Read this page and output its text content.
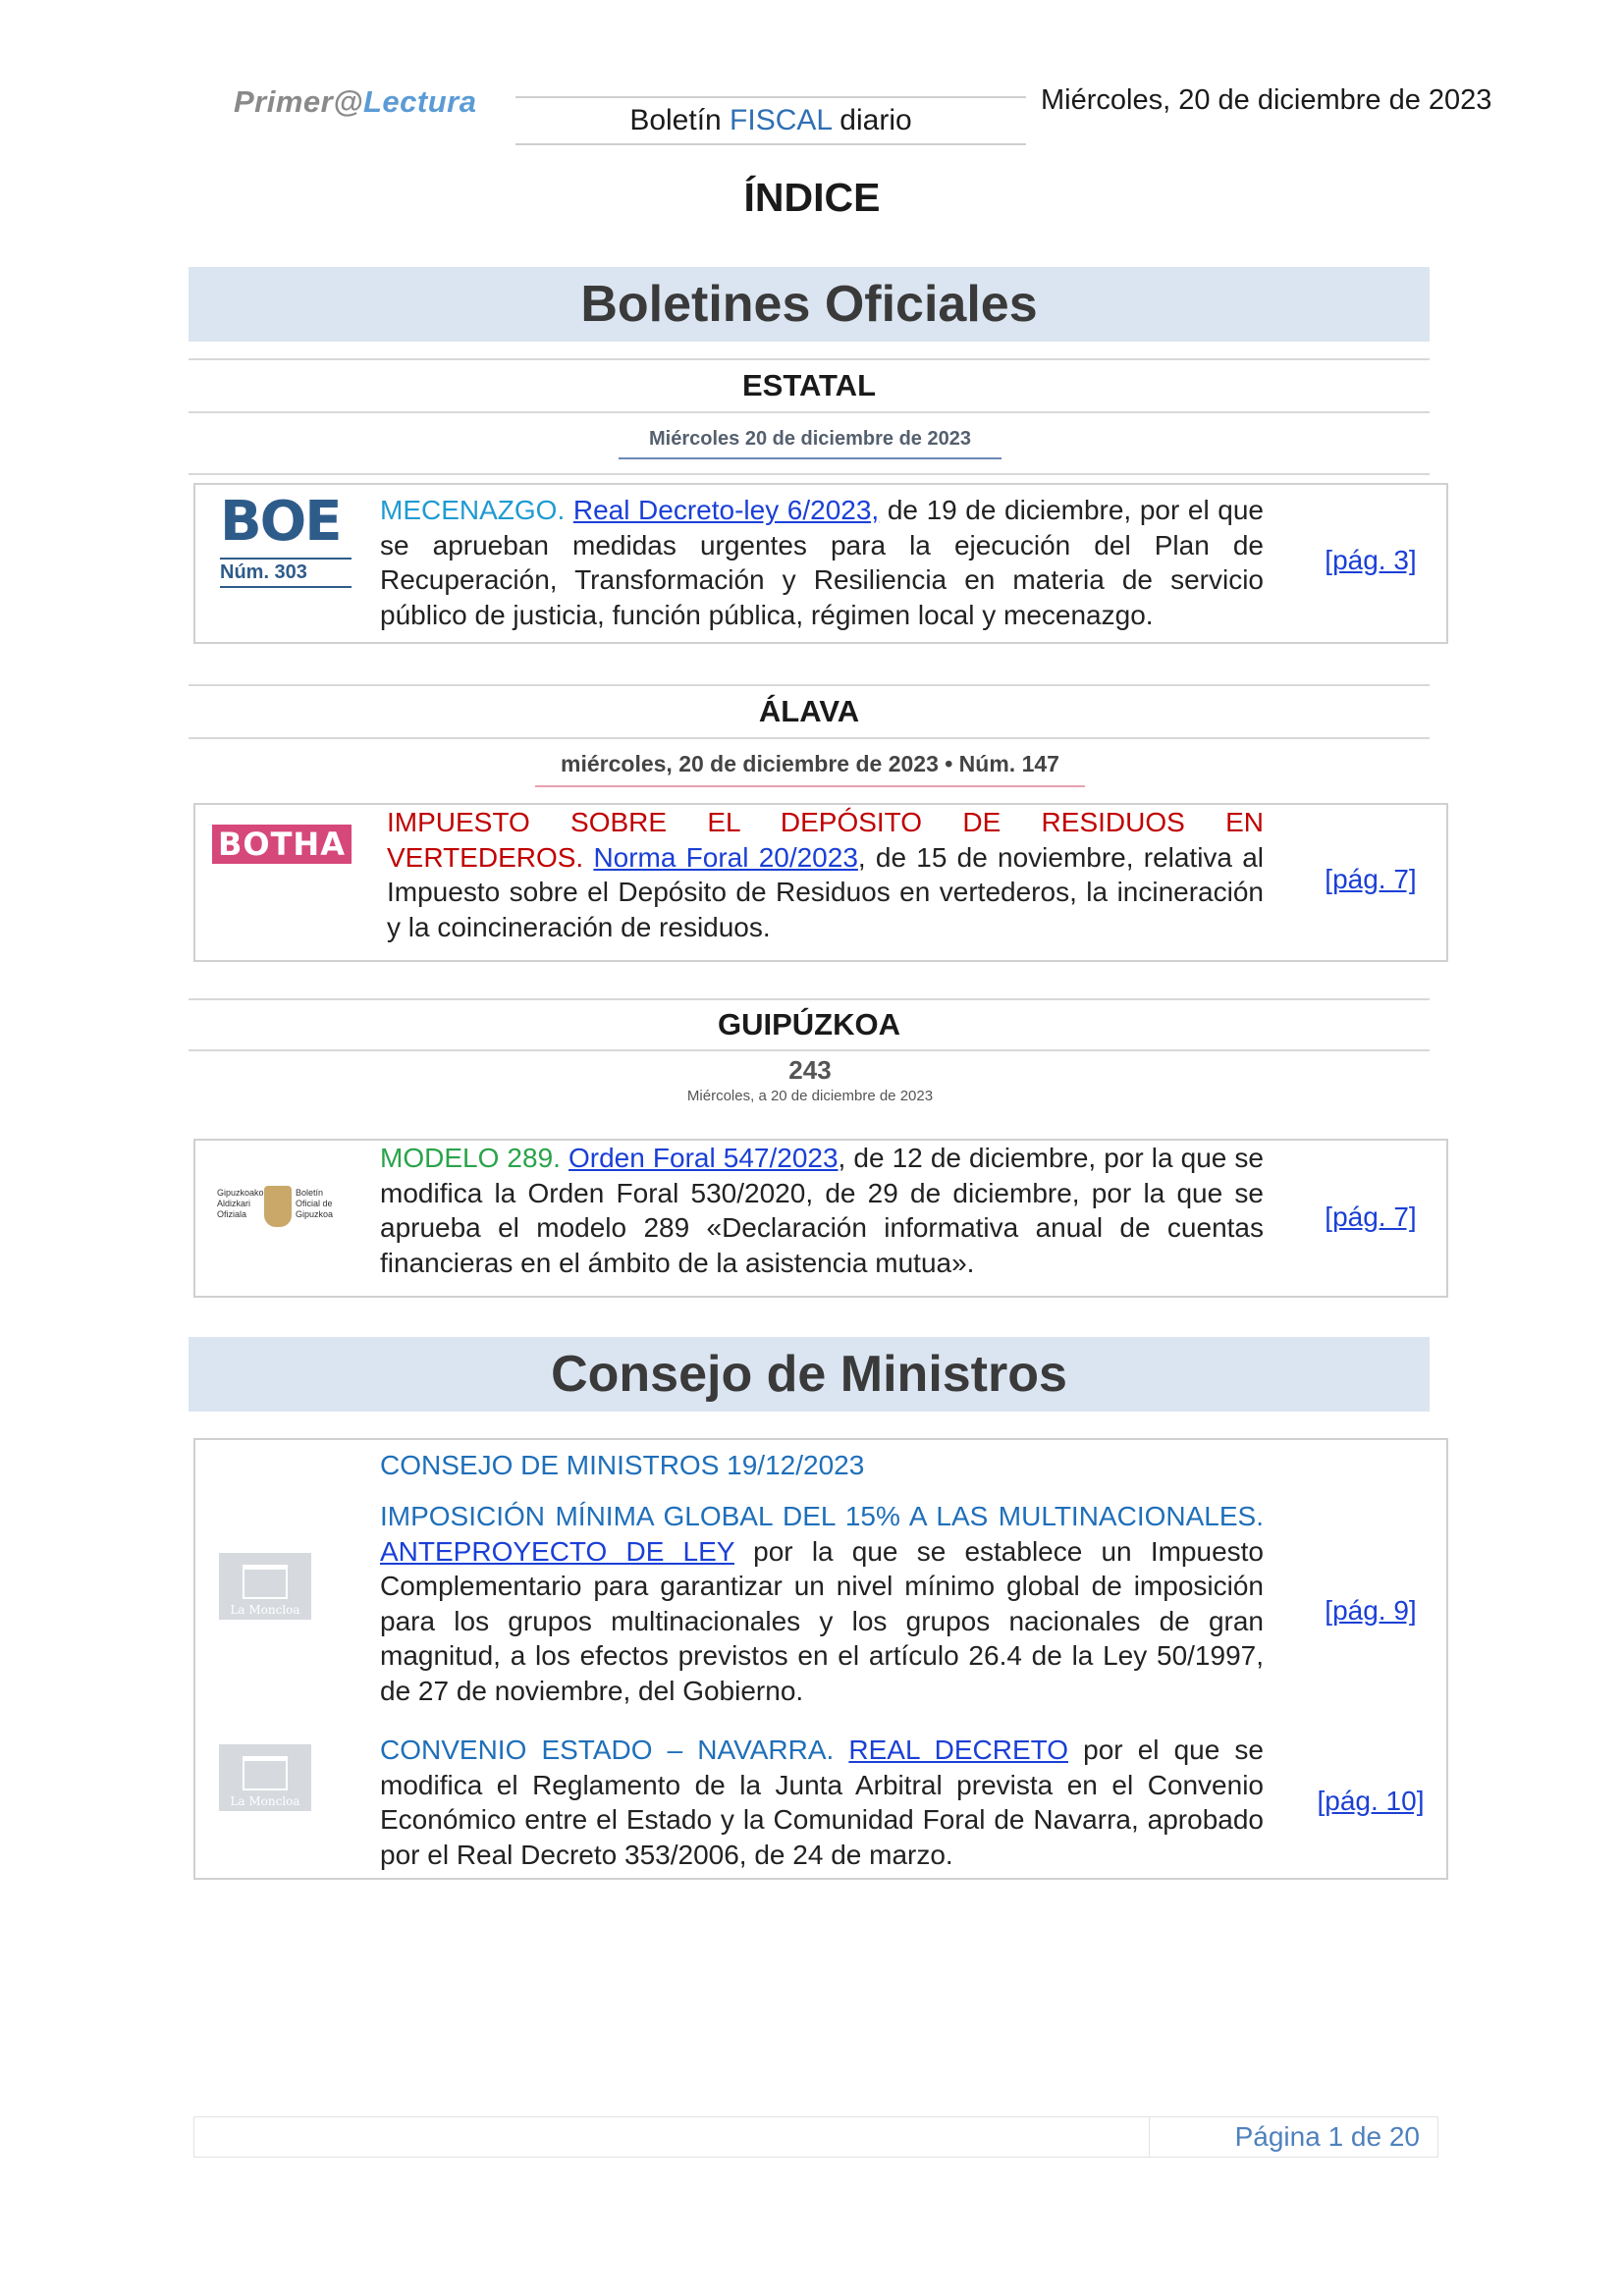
Primer@Lectura
Boletín FISCAL diario
Miércoles, 20 de diciembre de 2023
ÍNDICE
Boletines Oficiales
ESTATAL
Miércoles 20 de diciembre de 2023
BOE
Núm. 303
MECENAZGO. Real Decreto-ley 6/2023, de 19 de diciembre, por el que se aprueban medidas urgentes para la ejecución del Plan de Recuperación, Transformación y Resiliencia en materia de servicio público de justicia, función pública, régimen local y mecenazgo.
[pág. 3]
ÁLAVA
miércoles, 20 de diciembre de 2023 • Núm. 147
BOTHA
IMPUESTO SOBRE EL DEPÓSITO DE RESIDUOS EN VERTEDEROS. Norma Foral 20/2023, de 15 de noviembre, relativa al Impuesto sobre el Depósito de Residuos en vertederos, la incineración y la coincineración de residuos.
[pág. 7]
GUIPÚZKOA
243
Miércoles, a 20 de diciembre de 2023
Gipuzkoako Aldizkari Ofiziala
Boletín Oficial de Gipuzkoa
MODELO 289. Orden Foral 547/2023, de 12 de diciembre, por la que se modifica la Orden Foral 530/2020, de 29 de diciembre, por la que se aprueba el modelo 289 «Declaración informativa anual de cuentas financieras en el ámbito de la asistencia mutua».
[pág. 7]
Consejo de Ministros
CONSEJO DE MINISTROS 19/12/2023
La Moncloa
IMPOSICIÓN MÍNIMA GLOBAL DEL 15% A LAS MULTINACIONALES. ANTEPROYECTO DE LEY por la que se establece un Impuesto Complementario para garantizar un nivel mínimo global de imposición para los grupos multinacionales y los grupos nacionales de gran magnitud, a los efectos previstos en el artículo 26.4 de la Ley 50/1997, de 27 de noviembre, del Gobierno.
[pág. 9]
La Moncloa
CONVENIO ESTADO – NAVARRA. REAL DECRETO por el que se modifica el Reglamento de la Junta Arbitral prevista en el Convenio Económico entre el Estado y la Comunidad Foral de Navarra, aprobado por el Real Decreto 353/2006, de 24 de marzo.
[pág. 10]
Página 1 de 20
